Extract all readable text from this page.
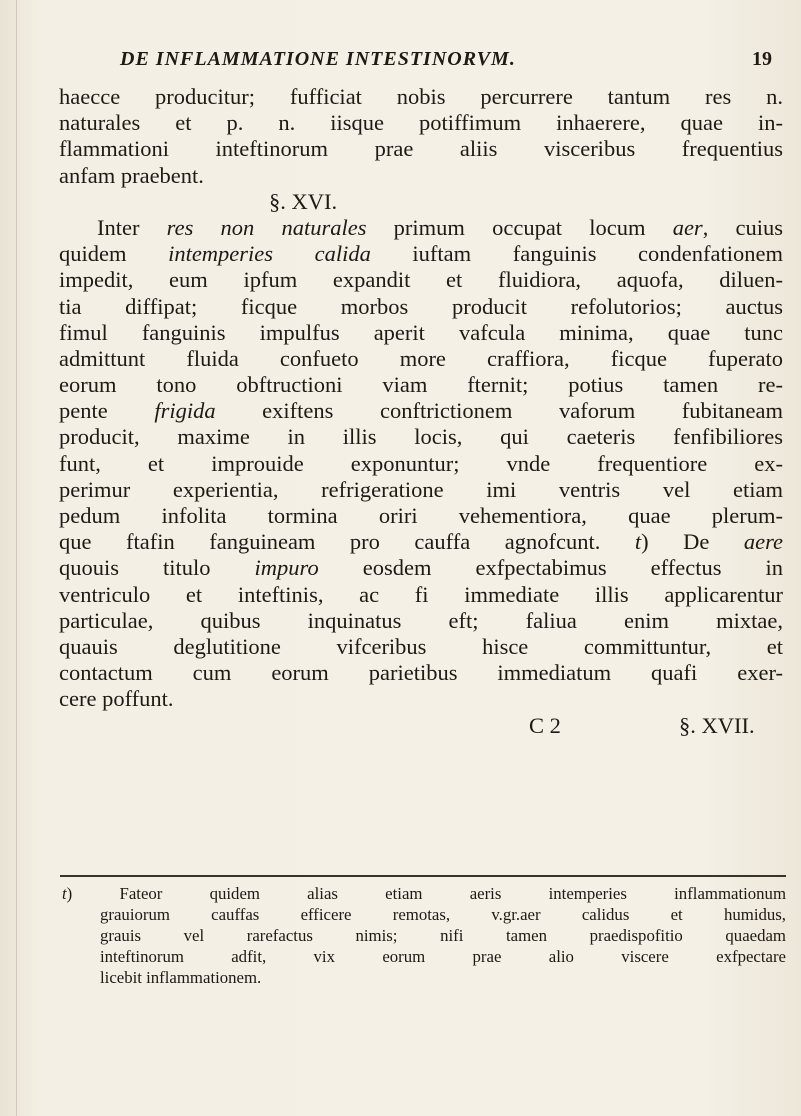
DE INFLAMMATIONE INTESTINORVM.	19
haecce producitur; fufficiat nobis percurrere tantum res n.
naturales et p. n. iisque potiffimum inhaerere, quae in-
flammationi inteftinorum prae aliis visceribus frequentius
anfam praebent.
§. XVI.
Inter res non naturales primum occupat locum aer, cuius
quidem intemperies calida iuftam fanguinis condenfationem
impedit, eum ipfum expandit et fluidiora, aquofa, diluen-
tia diffipat; ficque morbos producit refolutorios; auctus
fimul fanguinis impulfus aperit vafcula minima, quae tunc
admittunt fluida confueto more craffiora, ficque fuperato
eorum tono obftructioni viam fternit; potius tamen re-
pente frigida exiftens conftrictionem vaforum fubitaneam
producit, maxime in illis locis, qui caeteris fenfibiliores
funt, et improuide exponuntur; vnde frequentiore ex-
perimur experientia, refrigeratione imi ventris vel etiam
pedum infolita tormina oriri vehementiora, quae plerum-
que ftafin fanguineam pro cauffa agnofcunt. t) De aere
quouis titulo impuro eosdem exfpectabimus effectus in
ventriculo et inteftinis, ac fi immediate illis applicarentur
particulae, quibus inquinatus eft; faliua enim mixtae,
quauis deglutitione vifceribus hisce committuntur, et
contactum cum eorum parietibus immediatum quafi exer-
cere poffunt.
C 2	§. XVII.
t) Fateor quidem alias etiam aeris intemperies inflammationum
grauiorum cauffas efficere remotas, v.gr.aer calidus et humidus,
grauis vel rarefactus nimis; nifi tamen praedispofitio quaedam
inteftinorum adfit, vix eorum prae alio viscere exfpectare
licebit inflammationem.
